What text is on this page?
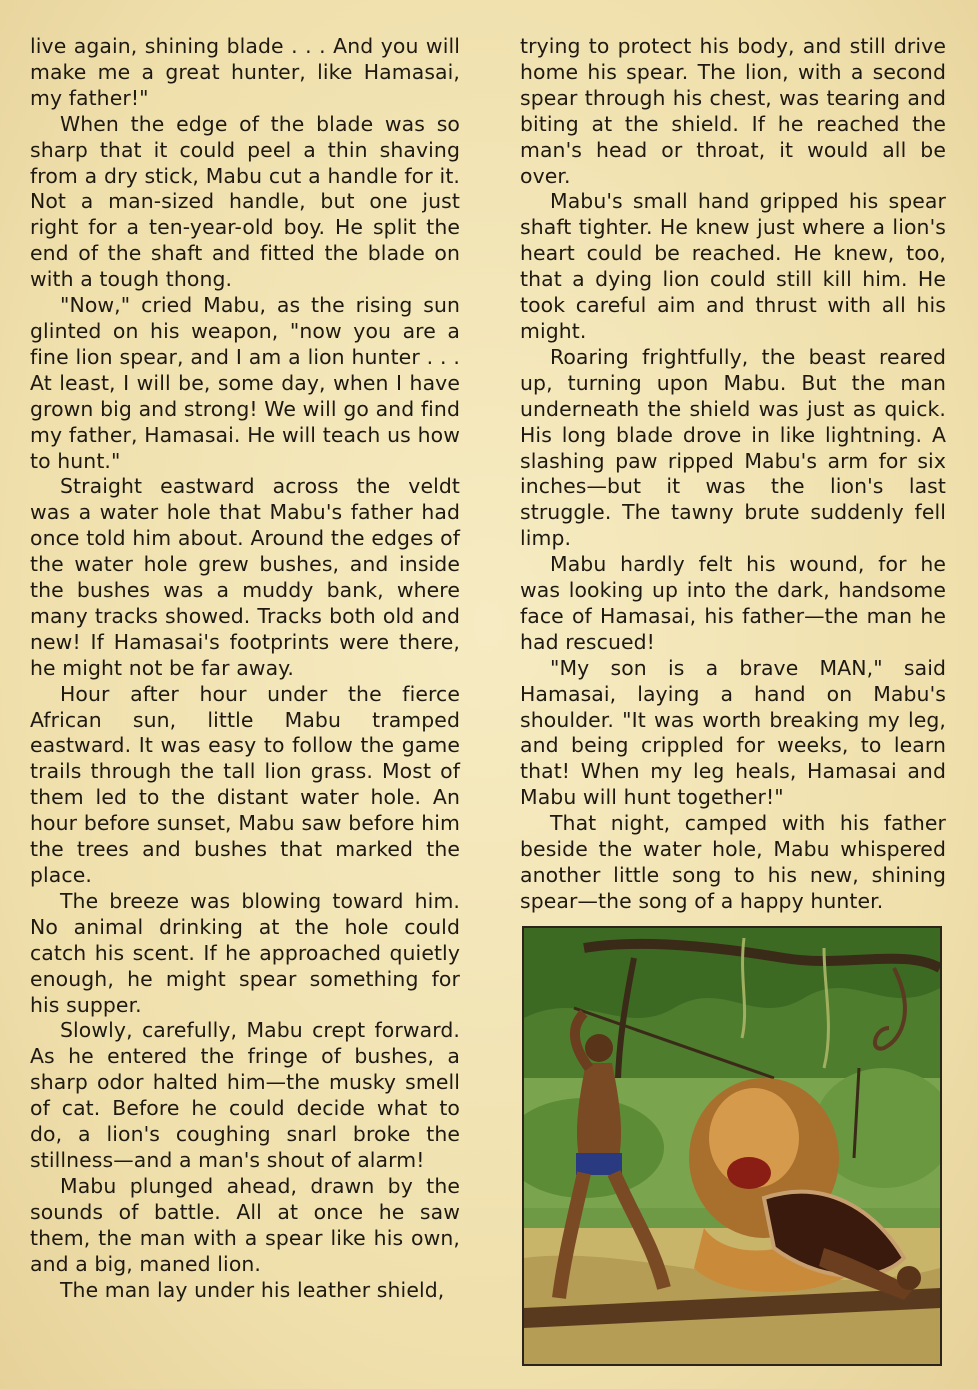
live again, shining blade . . . And you will make me a great hunter, like Hamasai, my father!"

When the edge of the blade was so sharp that it could peel a thin shaving from a dry stick, Mabu cut a handle for it. Not a man-sized handle, but one just right for a ten-year-old boy. He split the end of the shaft and fitted the blade on with a tough thong.

"Now," cried Mabu, as the rising sun glinted on his weapon, "now you are a fine lion spear, and I am a lion hunter . . . At least, I will be, some day, when I have grown big and strong! We will go and find my father, Hamasai. He will teach us how to hunt."

Straight eastward across the veldt was a water hole that Mabu's father had once told him about. Around the edges of the water hole grew bushes, and inside the bushes was a muddy bank, where many tracks showed. Tracks both old and new! If Hamasai's footprints were there, he might not be far away.

Hour after hour under the fierce African sun, little Mabu tramped eastward. It was easy to follow the game trails through the tall lion grass. Most of them led to the distant water hole. An hour before sunset, Mabu saw before him the trees and bushes that marked the place.

The breeze was blowing toward him. No animal drinking at the hole could catch his scent. If he approached quietly enough, he might spear something for his supper.

Slowly, carefully, Mabu crept forward. As he entered the fringe of bushes, a sharp odor halted him—the musky smell of cat. Before he could decide what to do, a lion's coughing snarl broke the stillness—and a man's shout of alarm!

Mabu plunged ahead, drawn by the sounds of battle. All at once he saw them, the man with a spear like his own, and a big, maned lion.

The man lay under his leather shield,

trying to protect his body, and still drive home his spear. The lion, with a second spear through his chest, was tearing and biting at the shield. If he reached the man's head or throat, it would all be over.

Mabu's small hand gripped his spear shaft tighter. He knew just where a lion's heart could be reached. He knew, too, that a dying lion could still kill him. He took careful aim and thrust with all his might.

Roaring frightfully, the beast reared up, turning upon Mabu. But the man underneath the shield was just as quick. His long blade drove in like lightning. A slashing paw ripped Mabu's arm for six inches—but it was the lion's last struggle. The tawny brute suddenly fell limp.

Mabu hardly felt his wound, for he was looking up into the dark, handsome face of Hamasai, his father—the man he had rescued!

"My son is a brave MAN," said Hamasai, laying a hand on Mabu's shoulder. "It was worth breaking my leg, and being crippled for weeks, to learn that! When my leg heals, Hamasai and Mabu will hunt together!"

That night, camped with his father beside the water hole, Mabu whispered another little song to his new, shining spear—the song of a happy hunter.
